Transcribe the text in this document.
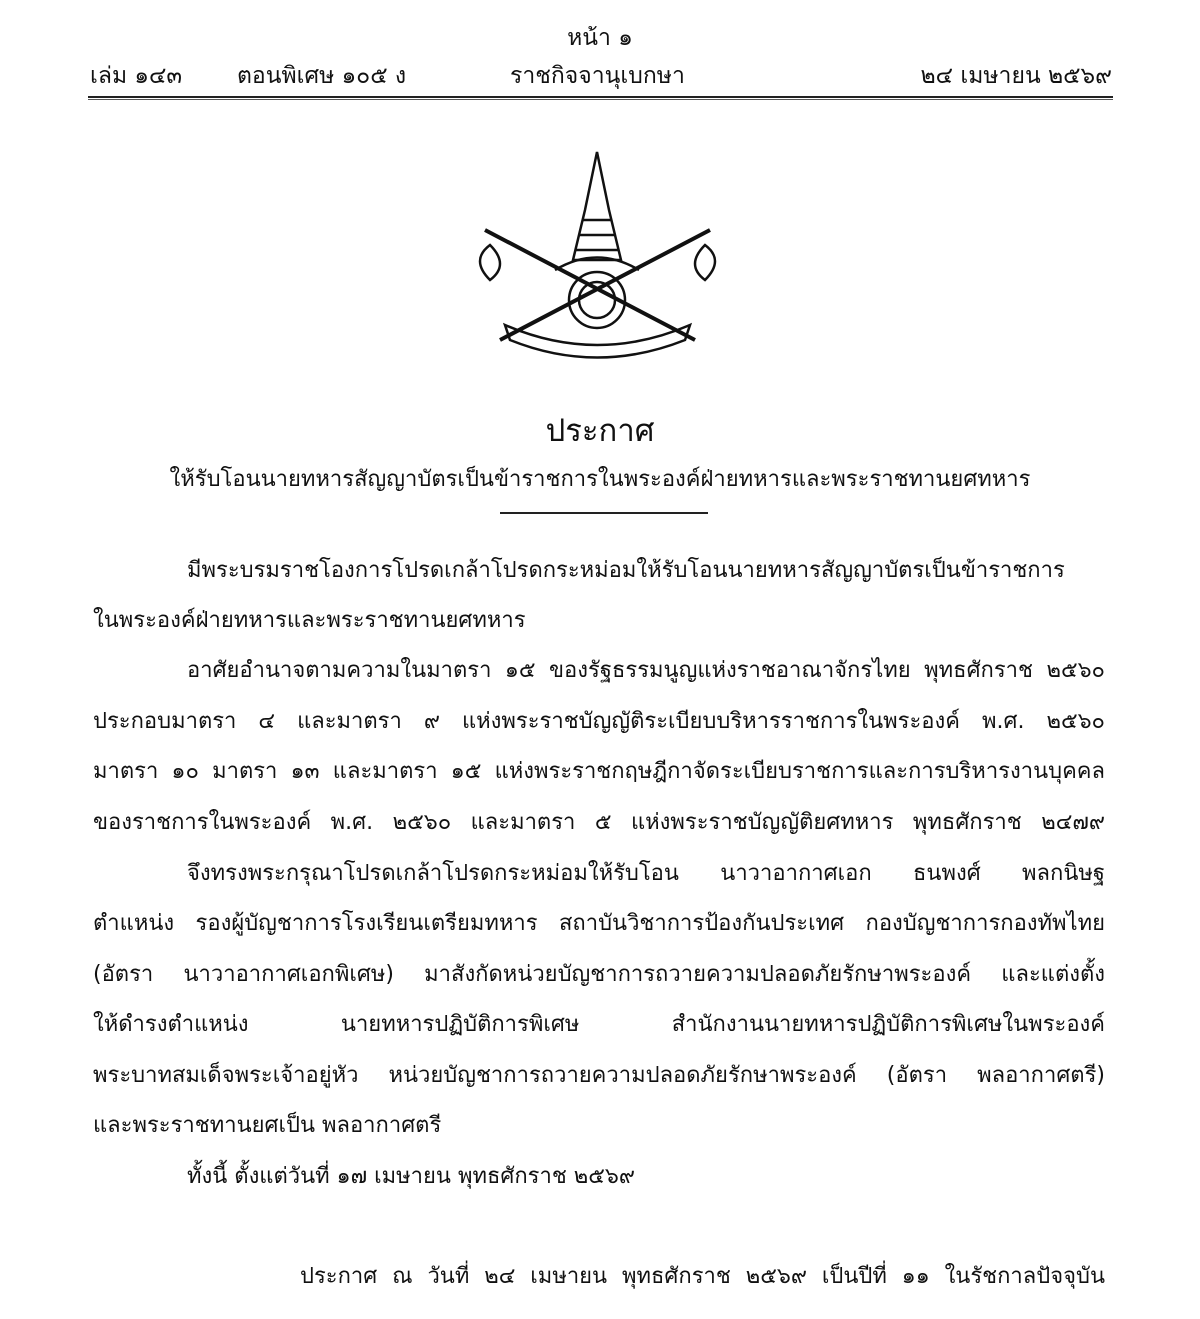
หน้า ๑
เล่ม ๑๔๓ ตอนพิเศษ ๑๐๕ ง	ราชกิจจานุเบกษา	๒๔ เมษายน ๒๕๖๙
ประกาศ
ให้รับโอนนายทหารสัญญาบัตรเป็นข้าราชการในพระองค์ฝ่ายทหารและพระราชทานยศทหาร
มีพระบรมราชโองการโปรดเกล้าโปรดกระหม่อมให้รับโอนนายทหารสัญญาบัตรเป็นข้าราชการ
ในพระองค์ฝ่ายทหารและพระราชทานยศทหาร
อาศัยอำนาจตามความในมาตรา ๑๕ ของรัฐธรรมนูญแห่งราชอาณาจักรไทย พุทธศักราช ๒๕๖๐
ประกอบมาตรา ๔ และมาตรา ๙ แห่งพระราชบัญญัติระเบียบบริหารราชการในพระองค์ พ.ศ. ๒๕๖๐
มาตรา ๑๐ มาตรา ๑๓ และมาตรา ๑๕ แห่งพระราชกฤษฎีกาจัดระเบียบราชการและการบริหารงานบุคคล
ของราชการในพระองค์ พ.ศ. ๒๕๖๐ และมาตรา ๕ แห่งพระราชบัญญัติยศทหาร พุทธศักราช ๒๔๗๙
จึงทรงพระกรุณาโปรดเกล้าโปรดกระหม่อมให้รับโอน นาวาอากาศเอก ธนพงศ์ พลกนิษฐ
ตำแหน่ง รองผู้บัญชาการโรงเรียนเตรียมทหาร สถาบันวิชาการป้องกันประเทศ กองบัญชาการกองทัพไทย
(อัตรา นาวาอากาศเอกพิเศษ) มาสังกัดหน่วยบัญชาการถวายความปลอดภัยรักษาพระองค์ และแต่งตั้ง
ให้ดำรงตำแหน่ง นายทหารปฏิบัติการพิเศษ สำนักงานนายทหารปฏิบัติการพิเศษในพระองค์
พระบาทสมเด็จพระเจ้าอยู่หัว หน่วยบัญชาการถวายความปลอดภัยรักษาพระองค์ (อัตรา พลอากาศตรี)
และพระราชทานยศเป็น พลอากาศตรี
ทั้งนี้ ตั้งแต่วันที่ ๑๗ เมษายน พุทธศักราช ๒๕๖๙
ประกาศ ณ วันที่ ๒๔ เมษายน พุทธศักราช ๒๕๖๙ เป็นปีที่ ๑๑ ในรัชกาลปัจจุบัน
